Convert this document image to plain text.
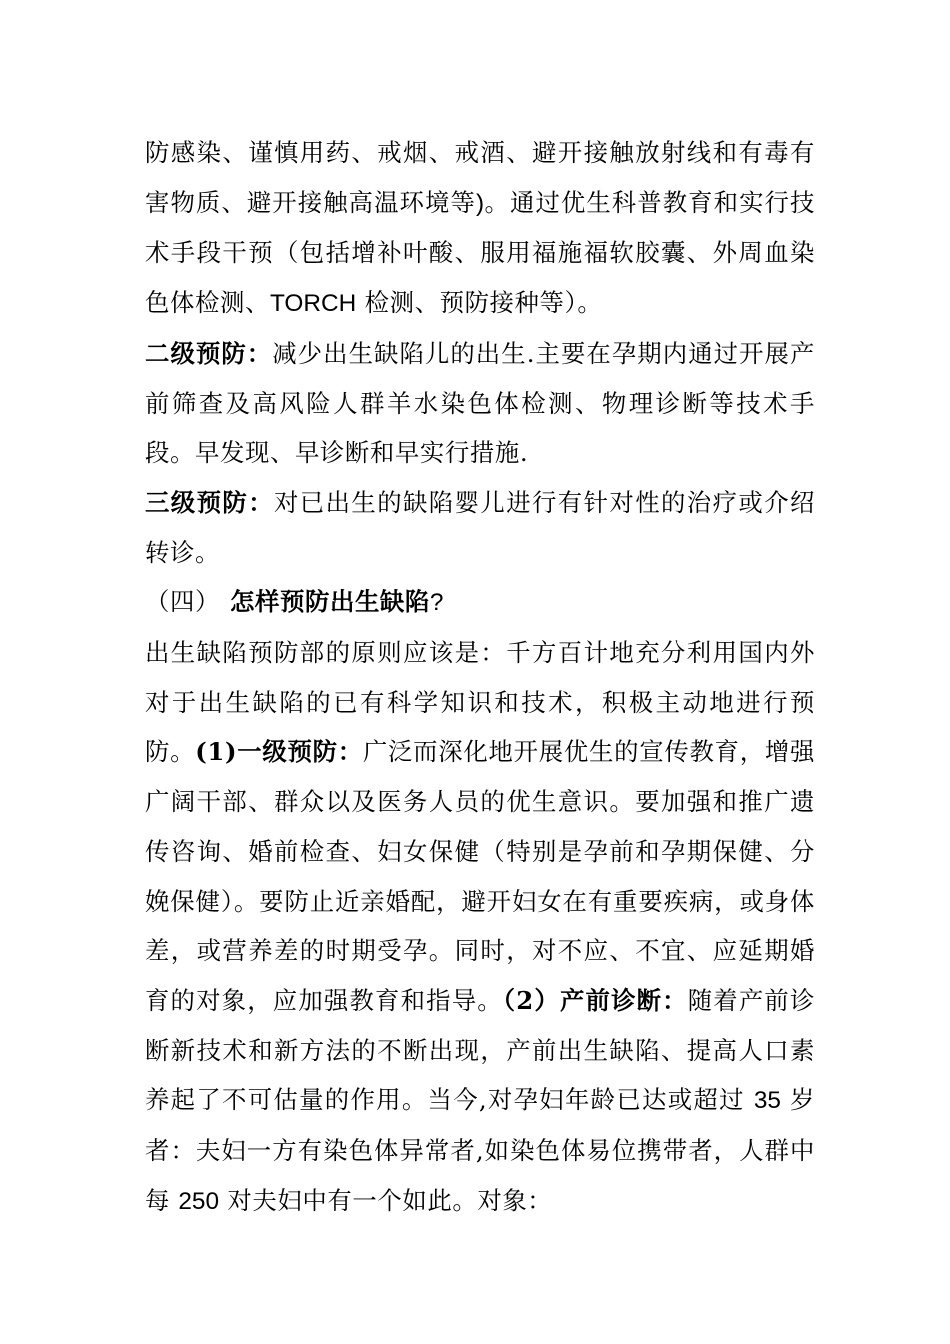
防感染、谨慎用药、戒烟、戒酒、避开接触放射线和有毒有害物质、避开接触高温环境等)。通过优生科普教育和实行技术手段干预（包括增补叶酸、服用福施福软胶囊、外周血染色体检测、TORCH 检测、预防接种等）。

二级预防：减少出生缺陷儿的出生.主要在孕期内通过开展产前筛查及高风险人群羊水染色体检测、物理诊断等技术手段。早发现、早诊断和早实行措施.

三级预防：对已出生的缺陷婴儿进行有针对性的治疗或介绍转诊。

（四） 怎样预防出生缺陷?

出生缺陷预防部的原则应该是：千方百计地充分利用国内外对于出生缺陷的已有科学知识和技术，积极主动地进行预防。(1)一级预防：广泛而深化地开展优生的宣传教育，增强广阔干部、群众以及医务人员的优生意识。要加强和推广遗传咨询、婚前检查、妇女保健（特别是孕前和孕期保健、分娩保健）。要防止近亲婚配，避开妇女在有重要疾病，或身体差，或营养差的时期受孕。同时，对不应、不宜、应延期婚育的对象，应加强教育和指导。（2）产前诊断：随着产前诊断新技术和新方法的不断出现，产前出生缺陷、提高人口素养起了不可估量的作用。当今,对孕妇年龄已达或超过 35 岁者：夫妇一方有染色体异常者,如染色体易位携带者，人群中每 250 对夫妇中有一个如此。对象：
